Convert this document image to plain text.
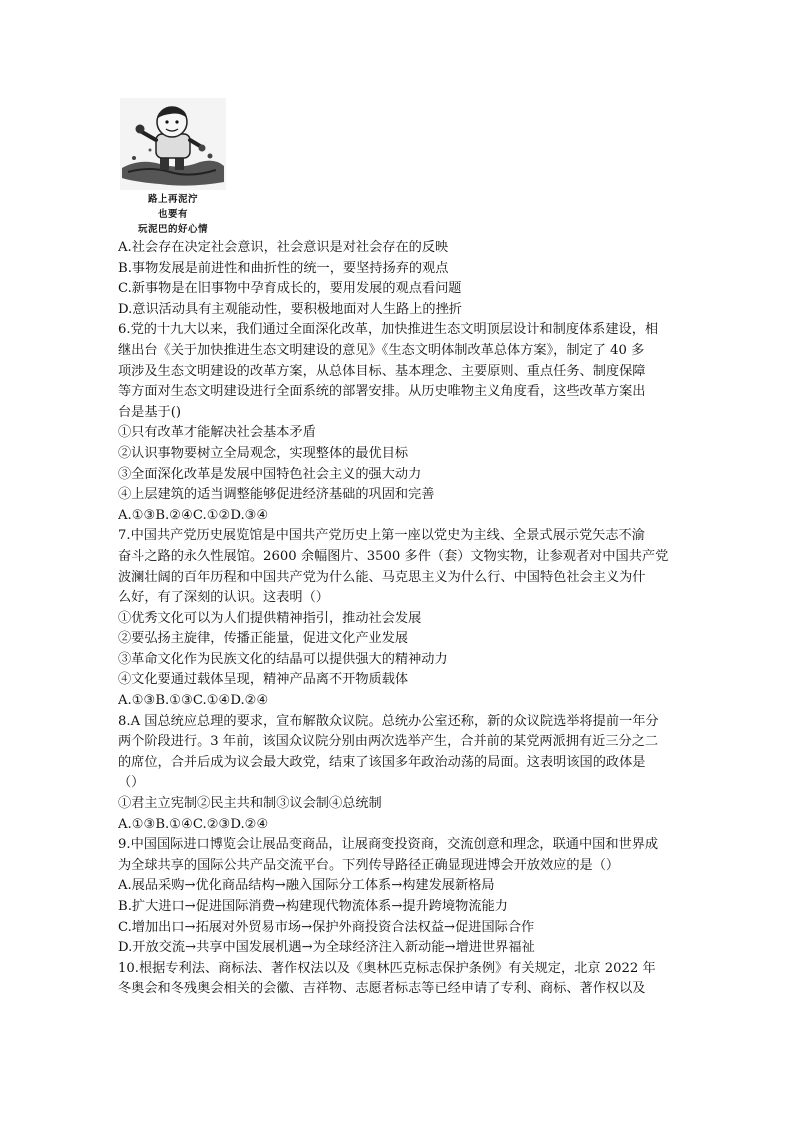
路上再泥泞
也要有
玩泥巴的好心情
A.社会存在决定社会意识，社会意识是对社会存在的反映
B.事物发展是前进性和曲折性的统一，要坚持扬弃的观点
C.新事物是在旧事物中孕育成长的，要用发展的观点看问题
D.意识活动具有主观能动性，要积极地面对人生路上的挫折
6.党的十九大以来，我们通过全面深化改革，加快推进生态文明顶层设计和制度体系建设，相
继出台《关于加快推进生态文明建设的意见》《生态文明体制改革总体方案》，制定了 40 多
项涉及生态文明建设的改革方案，从总体目标、基本理念、主要原则、重点任务、制度保障
等方面对生态文明建设进行全面系统的部署安排。从历史唯物主义角度看，这些改革方案出
台是基于()
①只有改革才能解决社会基本矛盾
②认识事物要树立全局观念，实现整体的最优目标
③全面深化改革是发展中国特色社会主义的强大动力
④上层建筑的适当调整能够促进经济基础的巩固和完善
A.①③B.②④C.①②D.③④
7.中国共产党历史展览馆是中国共产党历史上第一座以党史为主线、全景式展示党矢志不渝
奋斗之路的永久性展馆。2600 余幅图片、3500 多件（套）文物实物，让参观者对中国共产党
波澜壮阔的百年历程和中国共产党为什么能、马克思主义为什么行、中国特色社会主义为什
么好，有了深刻的认识。这表明（）
①优秀文化可以为人们提供精神指引，推动社会发展
②要弘扬主旋律，传播正能量，促进文化产业发展
③革命文化作为民族文化的结晶可以提供强大的精神动力
④文化要通过载体呈现，精神产品离不开物质载体
A.①③B.①③C.①④D.②④
8.A 国总统应总理的要求，宣布解散众议院。总统办公室还称，新的众议院选举将提前一年分
两个阶段进行。3 年前，该国众议院分别由两次选举产生，合并前的某党两派拥有近三分之二
的席位，合并后成为议会最大政党，结束了该国多年政治动荡的局面。这表明该国的政体是
（）
①君主立宪制②民主共和制③议会制④总统制
A.①③B.①④C.②③D.②④
9.中国国际进口博览会让展品变商品，让展商变投资商，交流创意和理念，联通中国和世界成
为全球共享的国际公共产品交流平台。下列传导路径正确显现进博会开放效应的是（）
A.展品采购→优化商品结构→融入国际分工体系→构建发展新格局
B.扩大进口→促进国际消费→构建现代物流体系→提升跨境物流能力
C.增加出口→拓展对外贸易市场→保护外商投资合法权益→促进国际合作
D.开放交流→共享中国发展机遇→为全球经济注入新动能→增进世界福祉
10.根据专利法、商标法、著作权法以及《奥林匹克标志保护条例》有关规定，北京 2022 年
冬奥会和冬残奥会相关的会徽、吉祥物、志愿者标志等已经申请了专利、商标、著作权以及
